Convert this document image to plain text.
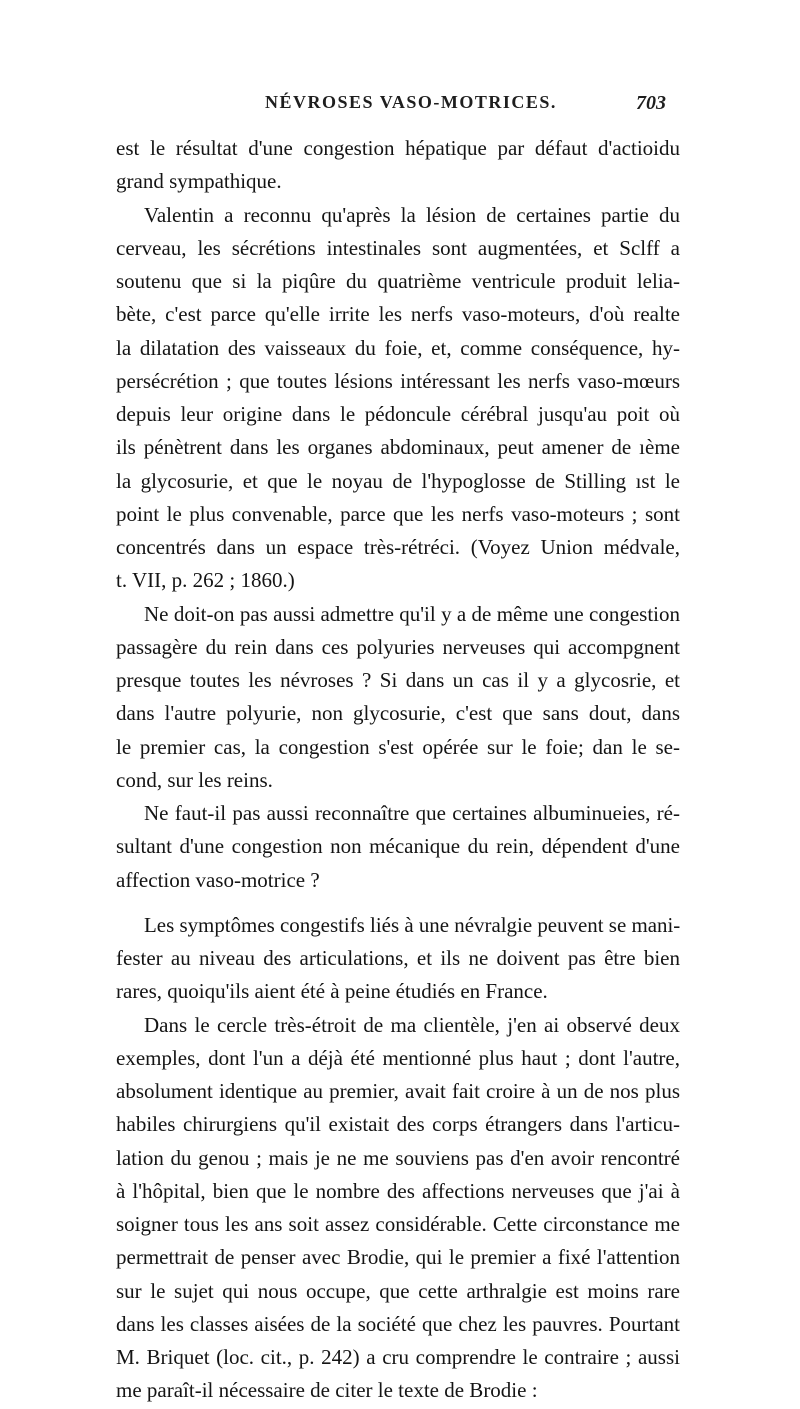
NÉVROSES VASO-MOTRICES.	703
est le résultat d'une congestion hépatique par défaut d'actioidu
grand sympathique.
Valentin a reconnu qu'après la lésion de certaines partie du
cerveau, les sécrétions intestinales sont augmentées, et Sclff a
soutenu que si la piqûre du quatrième ventricule produit lelia-
bète, c'est parce qu'elle irrite les nerfs vaso-moteurs, d'où realte
la dilatation des vaisseaux du foie, et, comme conséquence, hy-
persécrétion ; que toutes lésions intéressant les nerfs vaso-mœurs
depuis leur origine dans le pédoncule cérébral jusqu'au poit où
ils pénètrent dans les organes abdominaux, peut amener de ıème
la glycosurie, et que le noyau de l'hypoglosse de Stilling ıst le
point le plus convenable, parce que les nerfs vaso-moteurs ; sont
concentrés dans un espace très-rétréci. (Voyez Union médvale,
t. VII, p. 262 ; 1860.)
Ne doit-on pas aussi admettre qu'il y a de même une congestion
passagère du rein dans ces polyuries nerveuses qui accompgnent
presque toutes les névroses ? Si dans un cas il y a glycosrie, et
dans l'autre polyurie, non glycosurie, c'est que sans dout, dans
le premier cas, la congestion s'est opérée sur le foie; dan le se-
cond, sur les reins.
Ne faut-il pas aussi reconnaître que certaines albuminueies, ré-
sultant d'une congestion non mécanique du rein, dépendent d'une
affection vaso-motrice ?
Les symptômes congestifs liés à une névralgie peuvent se mani-
fester au niveau des articulations, et ils ne doivent pas être bien
rares, quoiqu'ils aient été à peine étudiés en France.
Dans le cercle très-étroit de ma clientèle, j'en ai observé deux
exemples, dont l'un a déjà été mentionné plus haut ; dont l'autre,
absolument identique au premier, avait fait croire à un de nos plus
habiles chirurgiens qu'il existait des corps étrangers dans l'articu-
lation du genou ; mais je ne me souviens pas d'en avoir rencontré
à l'hôpital, bien que le nombre des affections nerveuses que j'ai à
soigner tous les ans soit assez considérable. Cette circonstance me
permettrait de penser avec Brodie, qui le premier a fixé l'attention
sur le sujet qui nous occupe, que cette arthralgie est moins rare
dans les classes aisées de la société que chez les pauvres. Pourtant
M. Briquet (loc. cit., p. 242) a cru comprendre le contraire ; aussi
me paraît-il nécessaire de citer le texte de Brodie :
